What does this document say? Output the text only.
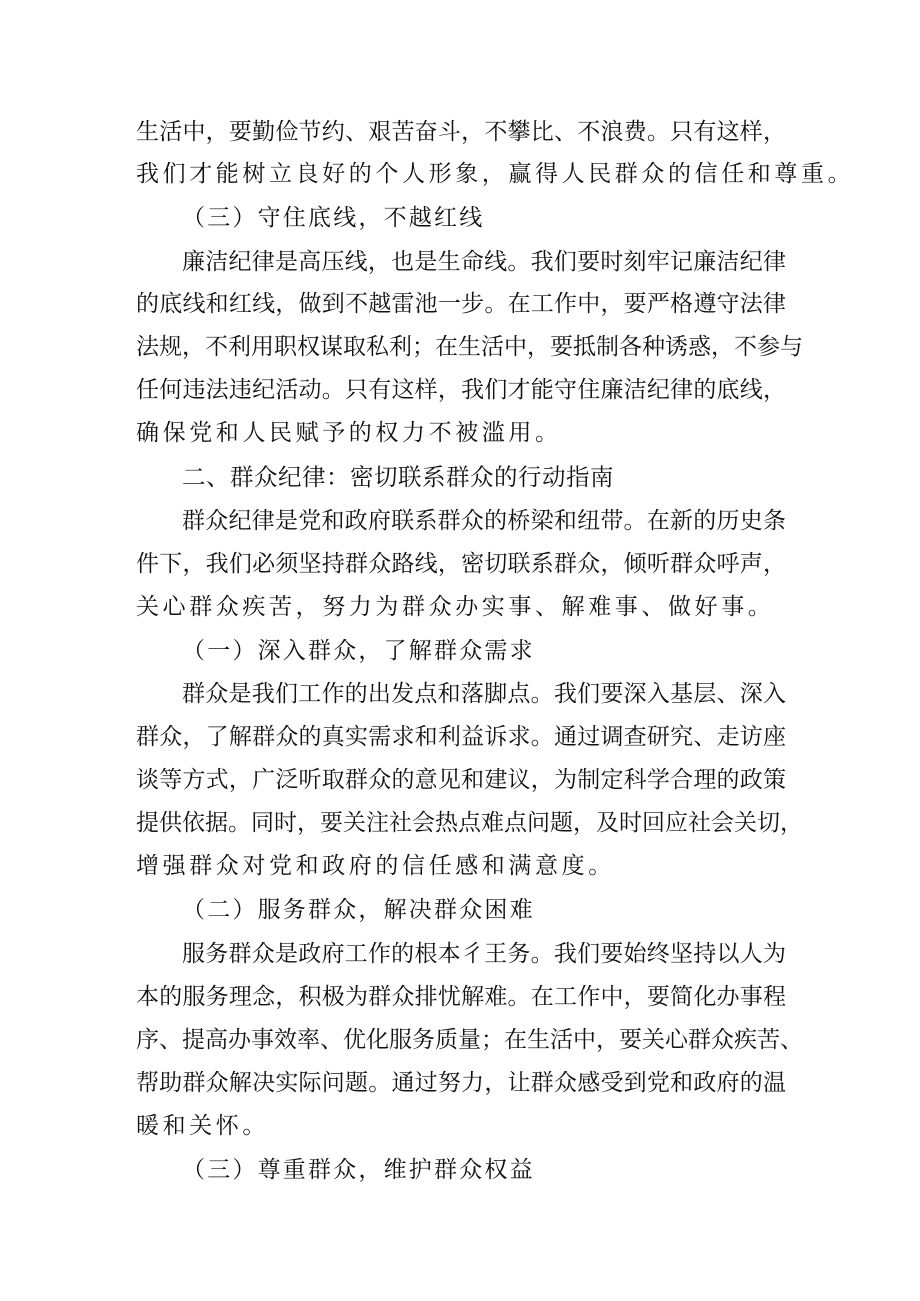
生活中，要勤俭节约、艰苦奋斗，不攀比、不浪费。只有这样，
我们才能树立良好的个人形象，赢得人民群众的信任和尊重。
（三）守住底线，不越红线
廉洁纪律是高压线，也是生命线。我们要时刻牢记廉洁纪律
的底线和红线，做到不越雷池一步。在工作中，要严格遵守法律
法规，不利用职权谋取私利；在生活中，要抵制各种诱惑，不参与
任何违法违纪活动。只有这样，我们才能守住廉洁纪律的底线，
确保党和人民赋予的权力不被滥用。
二、群众纪律：密切联系群众的行动指南
群众纪律是党和政府联系群众的桥梁和纽带。在新的历史条
件下，我们必须坚持群众路线，密切联系群众，倾听群众呼声，
关心群众疾苦，努力为群众办实事、解难事、做好事。
（一）深入群众，了解群众需求
群众是我们工作的出发点和落脚点。我们要深入基层、深入
群众，了解群众的真实需求和利益诉求。通过调查研究、走访座
谈等方式，广泛听取群众的意见和建议，为制定科学合理的政策
提供依据。同时，要关注社会热点难点问题，及时回应社会关切，
增强群众对党和政府的信任感和满意度。
（二）服务群众，解决群众困难
服务群众是政府工作的根本彳王务。我们要始终坚持以人为
本的服务理念，积极为群众排忧解难。在工作中，要简化办事程
序、提高办事效率、优化服务质量；在生活中，要关心群众疾苦、
帮助群众解决实际问题。通过努力，让群众感受到党和政府的温
暖和关怀。
（三）尊重群众，维护群众权益
